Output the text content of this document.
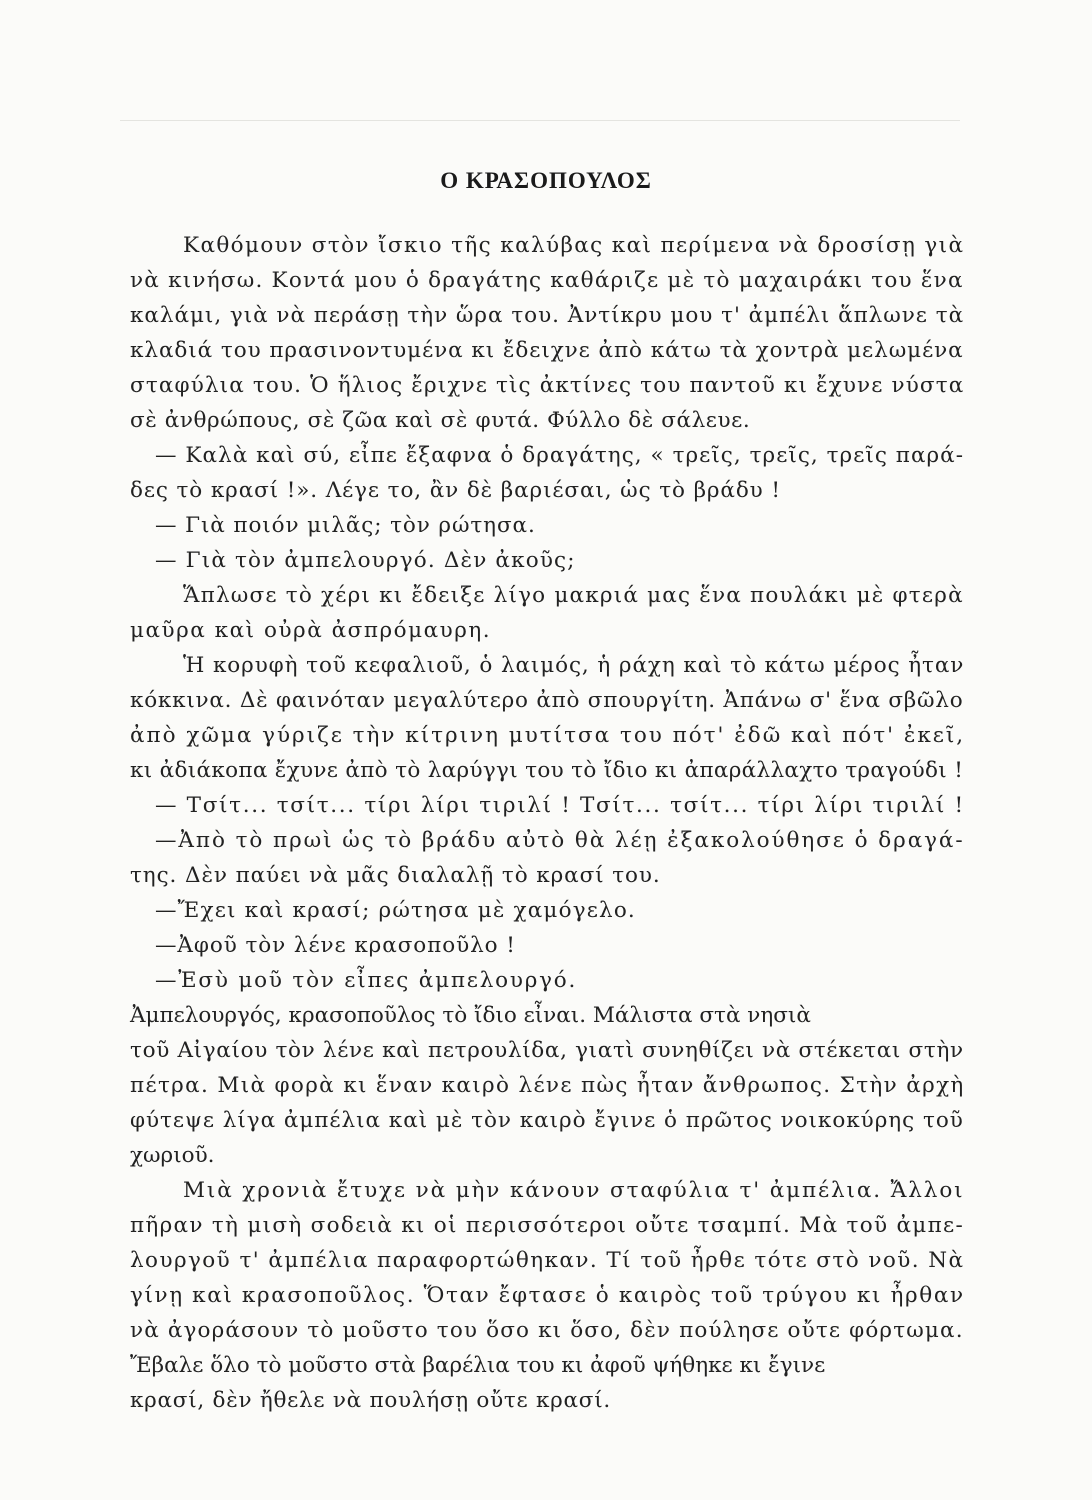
Ο ΚΡΑΣΟΠΟΥΛΟΣ
Καθόμουν στὸν ἴσκιο τῆς καλύβας καὶ περίμενα νὰ δροσίσῃ γιὰ
νὰ κινήσω. Κοντά μου ὁ δραγάτης καθάριζε μὲ τὸ μαχαιράκι του ἕνα
καλάμι, γιὰ νὰ περάσῃ τὴν ὥρα του. Ἀντίκρυ μου τ' ἀμπέλι ἅπλωνε τὰ
κλαδιά του πρασινοντυμένα κι ἔδειχνε ἀπὸ κάτω τὰ χοντρὰ μελωμένα
σταφύλια του. Ὁ ἥλιος ἔριχνε τὶς ἀκτίνες του παντοῦ κι ἔχυνε νύστα
σὲ ἀνθρώπους, σὲ ζῶα καὶ σὲ φυτά. Φύλλο δὲ σάλευε.
— Καλὰ καὶ σύ, εἶπε ἔξαφνα ὁ δραγάτης, « τρεῖς, τρεῖς, τρεῖς παρά-
δες τὸ κρασί !». Λέγε το, ἂν δὲ βαριέσαι, ὡς τὸ βράδυ !
— Γιὰ ποιόν μιλᾶς; τὸν ρώτησα.
— Γιὰ τὸν ἀμπελουργό. Δὲν ἀκοῦς;
Ἅπλωσε τὸ χέρι κι ἔδειξε λίγο μακριά μας ἕνα πουλάκι μὲ φτερὰ
μαῦρα καὶ οὐρὰ ἀσπρόμαυρη.
Ἡ κορυφὴ τοῦ κεφαλιοῦ, ὁ λαιμός, ἡ ράχη καὶ τὸ κάτω μέρος ἦταν
κόκκινα. Δὲ φαινόταν μεγαλύτερο ἀπὸ σπουργίτη. Ἀπάνω σ' ἕνα σβῶλο
ἀπὸ χῶμα γύριζε τὴν κίτρινη μυτίτσα του πότ' ἐδῶ καὶ πότ' ἐκεῖ,
κι ἀδιάκοπα ἔχυνε ἀπὸ τὸ λαρύγγι του τὸ ἴδιο κι ἀπαράλλαχτο τραγούδι !
— Τσίτ... τσίτ... τίρι λίρι τιριλί ! Τσίτ... τσίτ... τίρι λίρι τιριλί !
—Ἀπὸ τὸ πρωὶ ὡς τὸ βράδυ αὐτὸ θὰ λέῃ ἐξακολούθησε ὁ δραγά-
της. Δὲν παύει νὰ μᾶς διαλαλῇ τὸ κρασί του.
—Ἔχει καὶ κρασί; ρώτησα μὲ χαμόγελο.
—Ἀφοῦ τὸν λένε κρασοποῦλο !
—Ἐσὺ μοῦ τὸν εἶπες ἀμπελουργό.
Ἀμπελουργός, κρασοποῦλος τὸ ἴδιο εἶναι. Μάλιστα στὰ νησιὰ
τοῦ Αἰγαίου τὸν λένε καὶ πετρουλίδα, γιατὶ συνηθίζει νὰ στέκεται στὴν
πέτρα. Μιὰ φορὰ κι ἕναν καιρὸ λένε πὼς ἦταν ἄνθρωπος. Στὴν ἀρχὴ
φύτεψε λίγα ἀμπέλια καὶ μὲ τὸν καιρὸ ἔγινε ὁ πρῶτος νοικοκύρης τοῦ
χωριοῦ.
Μιὰ χρονιὰ ἔτυχε νὰ μὴν κάνουν σταφύλια τ' ἀμπέλια. Ἄλλοι
πῆραν τὴ μισὴ σοδειὰ κι οἱ περισσότεροι οὔτε τσαμπί. Μὰ τοῦ ἀμπε-
λουργοῦ τ' ἀμπέλια παραφορτώθηκαν. Τί τοῦ ἦρθε τότε στὸ νοῦ. Νὰ
γίνῃ καὶ κρασοποῦλος. Ὅταν ἔφτασε ὁ καιρὸς τοῦ τρύγου κι ἦρθαν
νὰ ἀγοράσουν τὸ μοῦστο του ὅσο κι ὅσο, δὲν πούλησε οὔτε φόρτωμα.
Ἔβαλε ὅλο τὸ μοῦστο στὰ βαρέλια του κι ἀφοῦ ψήθηκε κι ἔγινε
κρασί, δὲν ἤθελε νὰ πουλήσῃ οὔτε κρασί.
